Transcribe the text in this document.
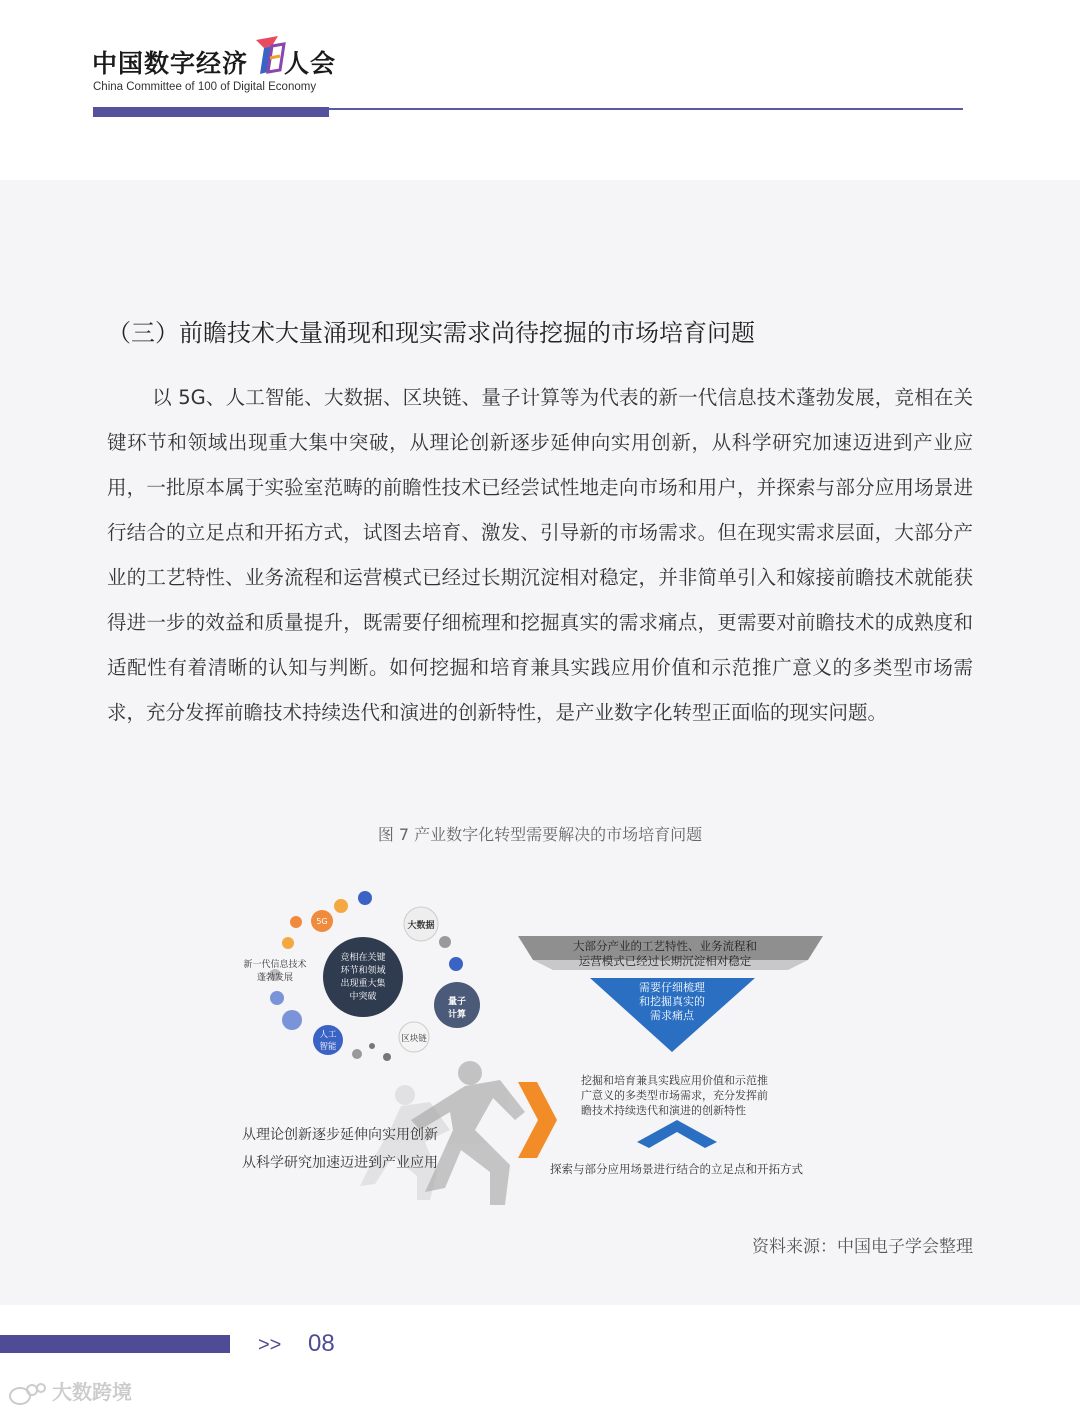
中国数字经济 人会
China Committee of 100 of Digital Economy
（三）前瞻技术大量涌现和现实需求尚待挖掘的市场培育问题
以 5G、人工智能、大数据、区块链、量子计算等为代表的新一代信息技术蓬勃发展，竞相在关键环节和领域出现重大集中突破，从理论创新逐步延伸向实用创新，从科学研究加速迈进到产业应用，一批原本属于实验室范畴的前瞻性技术已经尝试性地走向市场和用户，并探索与部分应用场景进行结合的立足点和开拓方式，试图去培育、激发、引导新的市场需求。但在现实需求层面，大部分产业的工艺特性、业务流程和运营模式已经过长期沉淀相对稳定，并非简单引入和嫁接前瞻技术就能获得进一步的效益和质量提升，既需要仔细梳理和挖掘真实的需求痛点，更需要对前瞻技术的成熟度和适配性有着清晰的认知与判断。如何挖掘和培育兼具实践应用价值和示范推广意义的多类型市场需求，充分发挥前瞻技术持续迭代和演进的创新特性，是产业数字化转型正面临的现实问题。
图 7 产业数字化转型需要解决的市场培育问题
5G	大数据
量子
计算
区块链
人工
智能
竞相在关键
环节和领域
出现重大集
中突破
新一代信息技术
蓬勃发展
从理论创新逐步延伸向实用创新
从科学研究加速迈进到产业应用
大部分产业的工艺特性、业务流程和
运营模式已经过长期沉淀相对稳定
需要仔细梳理
和挖掘真实的
需求痛点
挖掘和培育兼具实践应用价值和示范推
广意义的多类型市场需求，充分发挥前
瞻技术持续迭代和演进的创新特性
探索与部分应用场景进行结合的立足点和开拓方式
资料来源：中国电子学会整理
>> 08
大数跨境
